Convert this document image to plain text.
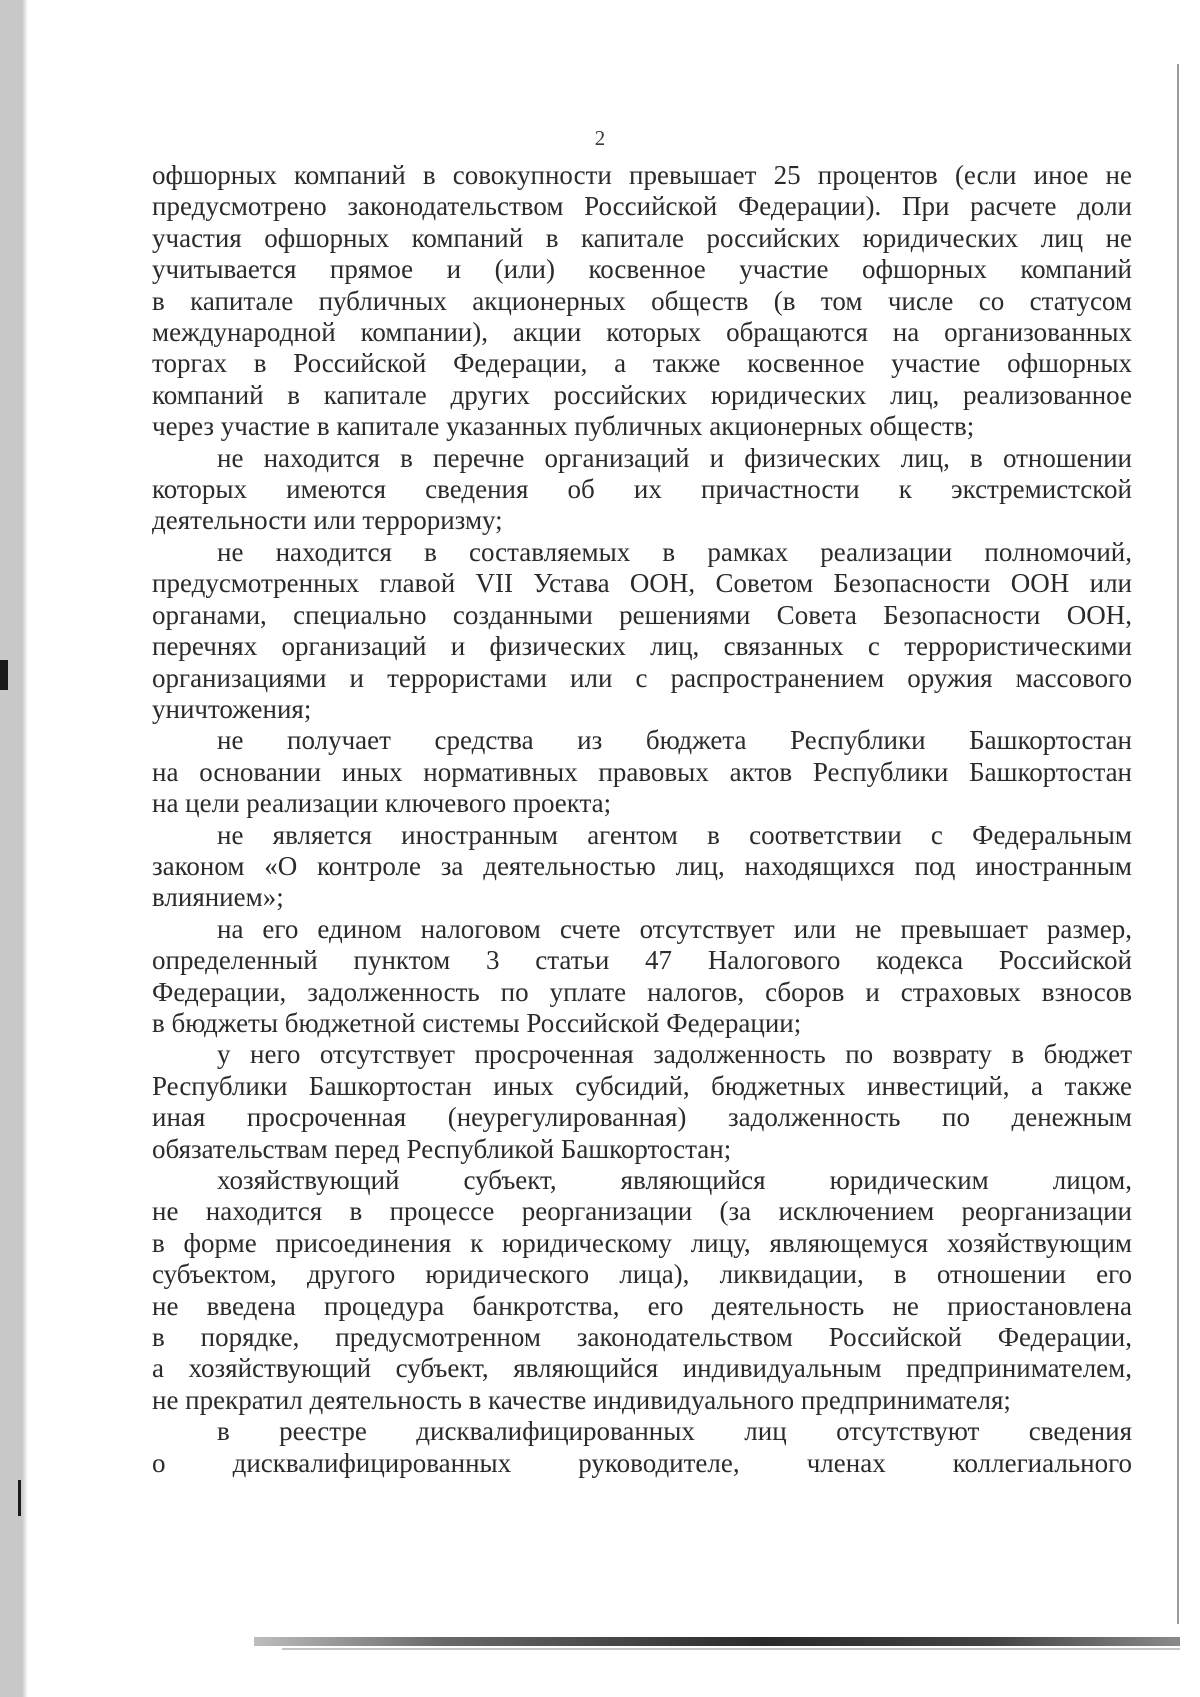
2
офшорных компаний в совокупности превышает 25 процентов (если иное не
предусмотрено законодательством Российской Федерации). При расчете доли
участия офшорных компаний в капитале российских юридических лиц не
учитывается прямое и (или) косвенное участие офшорных компаний
в капитале публичных акционерных обществ (в том числе со статусом
международной компании), акции которых обращаются на организованных
торгах в Российской Федерации, а также косвенное участие офшорных
компаний в капитале других российских юридических лиц, реализованное
через участие в капитале указанных публичных акционерных обществ;
не находится в перечне организаций и физических лиц, в отношении
которых имеются сведения об их причастности к экстремистской
деятельности или терроризму;
не находится в составляемых в рамках реализации полномочий,
предусмотренных главой VII Устава ООН, Советом Безопасности ООН или
органами, специально созданными решениями Совета Безопасности ООН,
перечнях организаций и физических лиц, связанных с террористическими
организациями и террористами или с распространением оружия массового
уничтожения;
не получает средства из бюджета Республики Башкортостан
на основании иных нормативных правовых актов Республики Башкортостан
на цели реализации ключевого проекта;
не является иностранным агентом в соответствии с Федеральным
законом «О контроле за деятельностью лиц, находящихся под иностранным
влиянием»;
на его едином налоговом счете отсутствует или не превышает размер,
определенный пунктом 3 статьи 47 Налогового кодекса Российской
Федерации, задолженность по уплате налогов, сборов и страховых взносов
в бюджеты бюджетной системы Российской Федерации;
у него отсутствует просроченная задолженность по возврату в бюджет
Республики Башкортостан иных субсидий, бюджетных инвестиций, а также
иная просроченная (неурегулированная) задолженность по денежным
обязательствам перед Республикой Башкортостан;
хозяйствующий субъект, являющийся юридическим лицом,
не находится в процессе реорганизации (за исключением реорганизации
в форме присоединения к юридическому лицу, являющемуся хозяйствующим
субъектом, другого юридического лица), ликвидации, в отношении его
не введена процедура банкротства, его деятельность не приостановлена
в порядке, предусмотренном законодательством Российской Федерации,
а хозяйствующий субъект, являющийся индивидуальным предпринимателем,
не прекратил деятельность в качестве индивидуального предпринимателя;
в реестре дисквалифицированных лиц отсутствуют сведения
о дисквалифицированных руководителе, членах коллегиального
